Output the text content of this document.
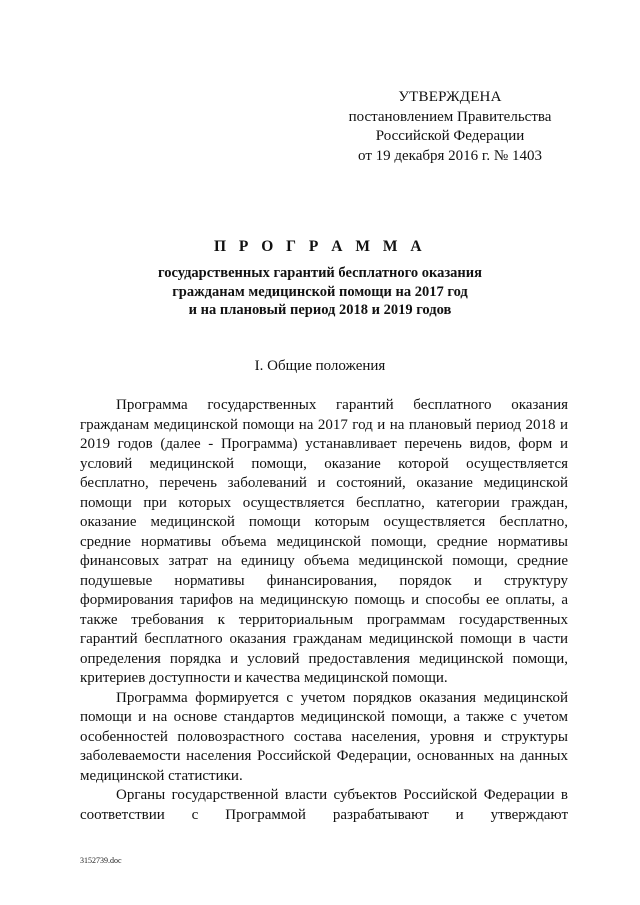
УТВЕРЖДЕНА
постановлением Правительства
Российской Федерации
от 19 декабря 2016 г. № 1403
П Р О Г Р А М М А
государственных гарантий бесплатного оказания
гражданам медицинской помощи на 2017 год
и на плановый период 2018 и 2019 годов
I. Общие положения

Программа государственных гарантий бесплатного оказания гражданам медицинской помощи на 2017 год и на плановый период 2018 и 2019 годов (далее - Программа) устанавливает перечень видов, форм и условий медицинской помощи, оказание которой осуществляется бесплатно, перечень заболеваний и состояний, оказание медицинской помощи при которых осуществляется бесплатно, категории граждан, оказание медицинской помощи которым осуществляется бесплатно, средние нормативы объема медицинской помощи, средние нормативы финансовых затрат на единицу объема медицинской помощи, средние подушевые нормативы финансирования, порядок и структуру формирования тарифов на медицинскую помощь и способы ее оплаты, а также требования к территориальным программам государственных гарантий бесплатного оказания гражданам медицинской помощи в части определения порядка и условий предоставления медицинской помощи, критериев доступности и качества медицинской помощи.

Программа формируется с учетом порядков оказания медицинской помощи и на основе стандартов медицинской помощи, а также с учетом особенностей половозрастного состава населения, уровня и структуры заболеваемости населения Российской Федерации, основанных на данных медицинской статистики.

Органы государственной власти субъектов Российской Федерации в соответствии с Программой разрабатывают и утверждают

3152739.doc
